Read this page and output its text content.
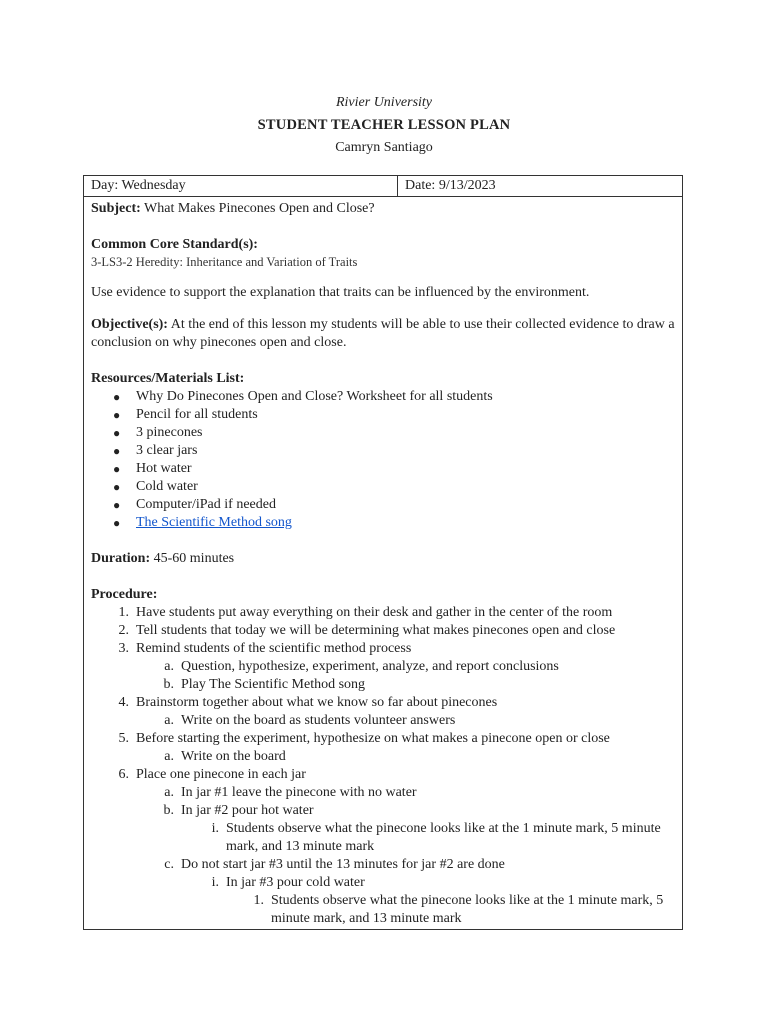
Rivier University
STUDENT TEACHER LESSON PLAN
Camryn Santiago
Day: Wednesday	Date: 9/13/2023

Subject: What Makes Pinecones Open and Close?

Common Core Standard(s):

3-LS3-2 Heredity: Inheritance and Variation of Traits

Use evidence to support the explanation that traits can be influenced by the environment.

Objective(s): At the end of this lesson my students will be able to use their collected evidence to draw a conclusion on why pinecones open and close.

Resources/Materials List:

● Why Do Pinecones Open and Close? Worksheet for all students
● Pencil for all students
● 3 pinecones
● 3 clear jars
● Hot water
● Cold water
● Computer/iPad if needed
● The Scientific Method song

Duration: 45-60 minutes

Procedure:

1. Have students put away everything on their desk and gather in the center of the room
2. Tell students that today we will be determining what makes pinecones open and close
3. Remind students of the scientific method process
a. Question, hypothesize, experiment, analyze, and report conclusions
b. Play The Scientific Method song
4. Brainstorm together about what we know so far about pinecones
a. Write on the board as students volunteer answers
5. Before starting the experiment, hypothesize on what makes a pinecone open or close
a. Write on the board
6. Place one pinecone in each jar
a. In jar #1 leave the pinecone with no water
b. In jar #2 pour hot water
i. Students observe what the pinecone looks like at the 1 minute mark, 5 minute mark, and 13 minute mark
c. Do not start jar #3 until the 13 minutes for jar #2 are done
i. In jar #3 pour cold water
1. Students observe what the pinecone looks like at the 1 minute mark, 5 minute mark, and 13 minute mark
